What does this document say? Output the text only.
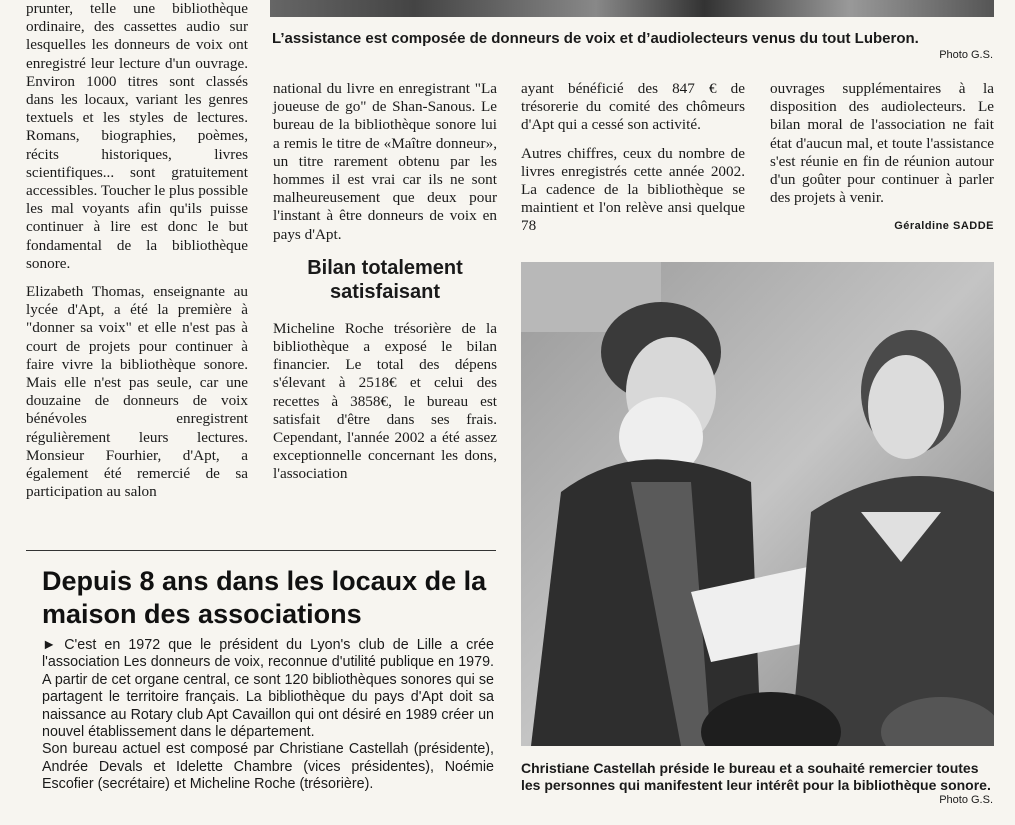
L’assistance est composée de donneurs de voix et d’audiolecteurs venus du tout Luberon.
Photo G.S.

prunter, telle une bibliothèque ordinaire, des cassettes audio sur lesquelles les donneurs de voix ont enregistré leur lecture d'un ouvrage. Environ 1000 titres sont classés dans les locaux, variant les genres textuels et les styles de lectures. Romans, biographies, poèmes, récits historiques, livres scientifiques... sont gratuitement accessibles. Toucher le plus possible les mal voyants afin qu'ils puisse continuer à lire est donc le but fondamental de la bibliothèque sonore.

Elizabeth Thomas, enseignante au lycée d'Apt, a été la première à "donner sa voix" et elle n'est pas à court de projets pour continuer à faire vivre la bibliothèque sonore. Mais elle n'est pas seule, car une douzaine de donneurs de voix bénévoles enregistrent régulièrement leurs lectures. Monsieur Fourhier, d'Apt, a également été remercié de sa participation au salon

national du livre en enregistrant "La joueuse de go" de Shan-Sanous. Le bureau de la bibliothèque sonore lui a remis le titre de «Maître donneur», un titre rarement obtenu par les hommes il est vrai car ils ne sont malheureusement que deux pour l'instant à être donneurs de voix en pays d'Apt.

Bilan totalement satisfaisant

Micheline Roche trésorière de la bibliothèque a exposé le bilan financier. Le total des dépens s'élevant à 2518€ et celui des recettes à 3858€, le bureau est satisfait d'être dans ses frais. Cependant, l'année 2002 a été assez exceptionnelle concernant les dons, l'association

ayant bénéficié des 847 € de trésorerie du comité des chômeurs d'Apt qui a cessé son activité.

Autres chiffres, ceux du nombre de livres enregistrés cette année 2002. La cadence de la bibliothèque se maintient et l'on relève ansi quelque 78

ouvrages supplémentaires à la disposition des audiolecteurs. Le bilan moral de l'association ne fait état d'aucun mal, et toute l'assistance s'est réunie en fin de réunion autour d'un goûter pour continuer à parler des projets à venir.

Géraldine SADDE
Christiane Castellah préside le bureau et a souhaité remercier toutes les personnes qui manifestent leur intérêt pour la bibliothèque sonore.
Photo G.S.
Depuis 8 ans dans les locaux de la maison des associations

► C'est en 1972 que le président du Lyon's club de Lille a crée l'association Les donneurs de voix, reconnue d'utilité publique en 1979. A partir de cet organe central, ce sont 120 bibliothèques sonores qui se partagent le territoire français. La bibliothèque du pays d'Apt doit sa naissance au Rotary club Apt Cavaillon qui ont désiré en 1989 créer un nouvel établissement dans le département.

Son bureau actuel est composé par Christiane Castellah (présidente), Andrée Devals et Idelette Chambre (vices présidentes), Noémie Escofier (secrétaire) et Micheline Roche (trésorière).
